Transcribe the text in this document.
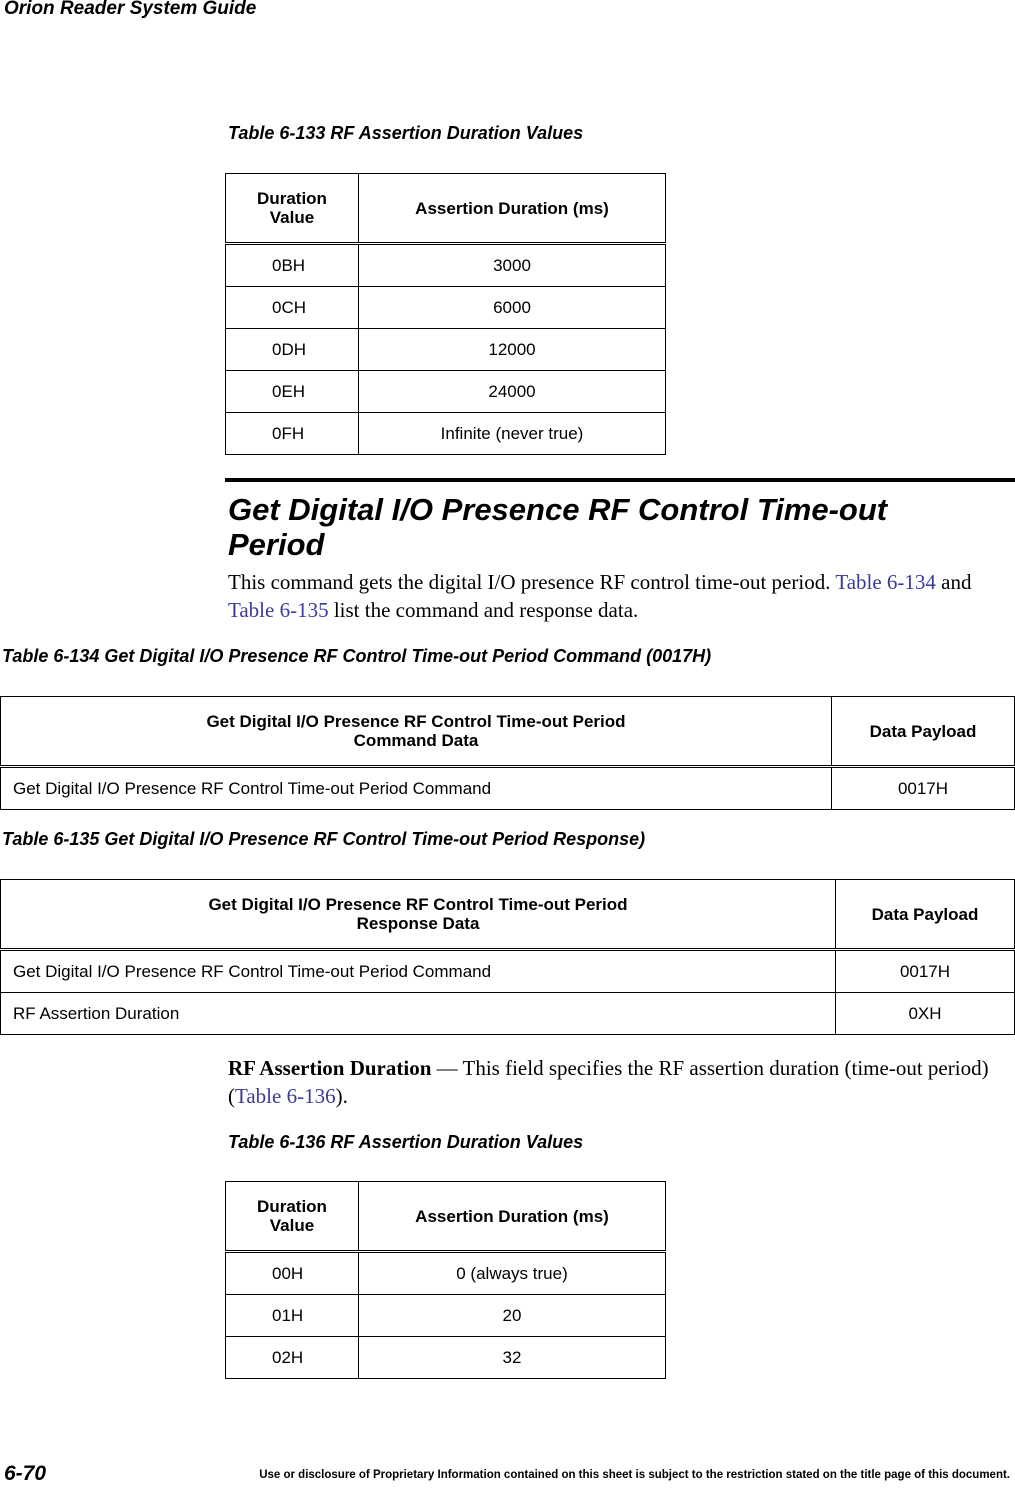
Orion Reader System Guide
Table 6-133 RF Assertion Duration Values
Duration
Value	Assertion Duration (ms)
0BH	3000
0CH	6000
0DH	12000
0EH	24000
0FH	Infinite (never true)
Get Digital I/O Presence RF Control Time-out Period
This command gets the digital I/O presence RF control time-out period. Table 6-134 and Table 6-135 list the command and response data.
Table 6-134 Get Digital I/O Presence RF Control Time-out Period Command (0017H)
Get Digital I/O Presence RF Control Time-out Period
Command Data	Data Payload
Get Digital I/O Presence RF Control Time-out Period Command	0017H
Table 6-135 Get Digital I/O Presence RF Control Time-out Period Response)
Get Digital I/O Presence RF Control Time-out Period
Response Data	Data Payload
Get Digital I/O Presence RF Control Time-out Period Command	0017H
RF Assertion Duration	0XH
RF Assertion Duration — This field specifies the RF assertion duration (time-out period) (Table 6-136).
Table 6-136 RF Assertion Duration Values
Duration
Value	Assertion Duration (ms)
00H	0 (always true)
01H	20
02H	32
6-70	Use or disclosure of Proprietary Information contained on this sheet is subject to the restriction stated on the title page of this document.
